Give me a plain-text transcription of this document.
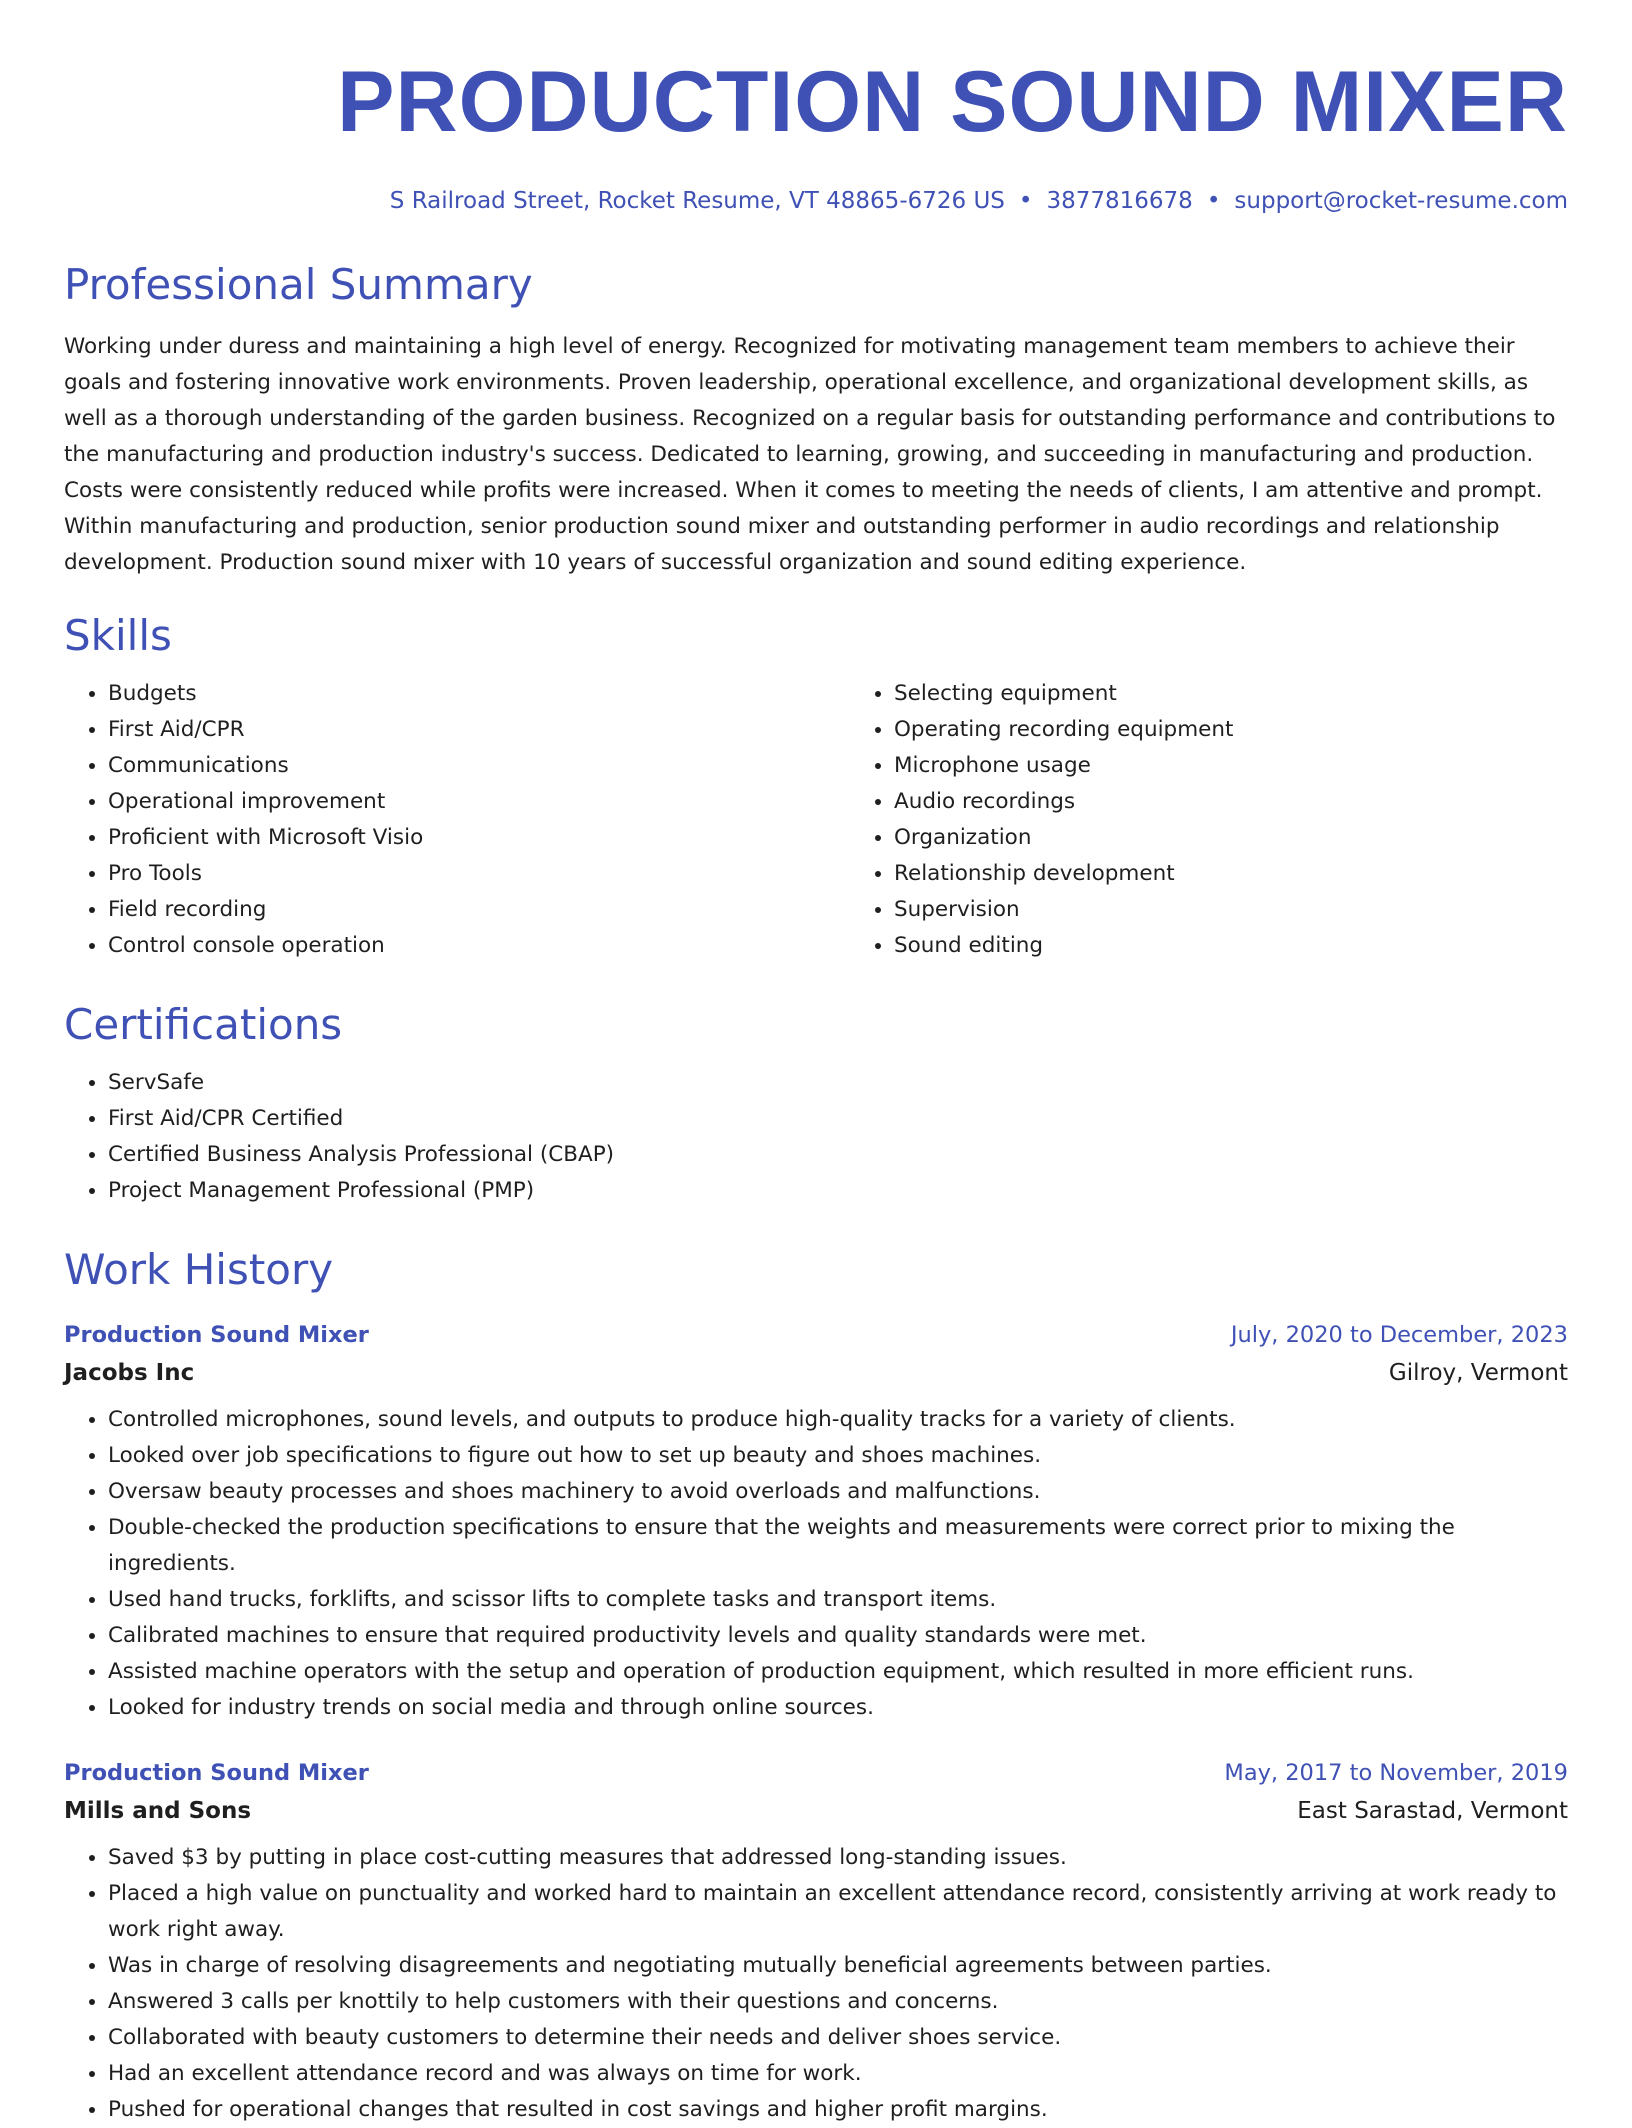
PRODUCTION SOUND MIXER
S Railroad Street, Rocket Resume, VT 48865-6726 US • 3877816678 • support@rocket-resume.com
Professional Summary

Working under duress and maintaining a high level of energy. Recognized for motivating management team members to achieve their goals and fostering innovative work environments. Proven leadership, operational excellence, and organizational development skills, as well as a thorough understanding of the garden business. Recognized on a regular basis for outstanding performance and contributions to the manufacturing and production industry's success. Dedicated to learning, growing, and succeeding in manufacturing and production. Costs were consistently reduced while profits were increased. When it comes to meeting the needs of clients, I am attentive and prompt. Within manufacturing and production, senior production sound mixer and outstanding performer in audio recordings and relationship development. Production sound mixer with 10 years of successful organization and sound editing experience.

Skills
• Budgets
• First Aid/CPR
• Communications
• Operational improvement
• Proficient with Microsoft Visio
• Pro Tools
• Field recording
• Control console operation
• Selecting equipment
• Operating recording equipment
• Microphone usage
• Audio recordings
• Organization
• Relationship development
• Supervision
• Sound editing
Certifications
• ServSafe
• First Aid/CPR Certified
• Certified Business Analysis Professional (CBAP)
• Project Management Professional (PMP)
Work History
Production Sound Mixer	July, 2020 to December, 2023
Jacobs Inc	Gilroy, Vermont
• Controlled microphones, sound levels, and outputs to produce high-quality tracks for a variety of clients.
• Looked over job specifications to figure out how to set up beauty and shoes machines.
• Oversaw beauty processes and shoes machinery to avoid overloads and malfunctions.
• Double-checked the production specifications to ensure that the weights and measurements were correct prior to mixing the ingredients.
• Used hand trucks, forklifts, and scissor lifts to complete tasks and transport items.
• Calibrated machines to ensure that required productivity levels and quality standards were met.
• Assisted machine operators with the setup and operation of production equipment, which resulted in more efficient runs.
• Looked for industry trends on social media and through online sources.
Production Sound Mixer	May, 2017 to November, 2019
Mills and Sons	East Sarastad, Vermont
• Saved $3 by putting in place cost-cutting measures that addressed long-standing issues.
• Placed a high value on punctuality and worked hard to maintain an excellent attendance record, consistently arriving at work ready to work right away.
• Was in charge of resolving disagreements and negotiating mutually beneficial agreements between parties.
• Answered 3 calls per knottily to help customers with their questions and concerns.
• Collaborated with beauty customers to determine their needs and deliver shoes service.
• Had an excellent attendance record and was always on time for work.
• Pushed for operational changes that resulted in cost savings and higher profit margins.
